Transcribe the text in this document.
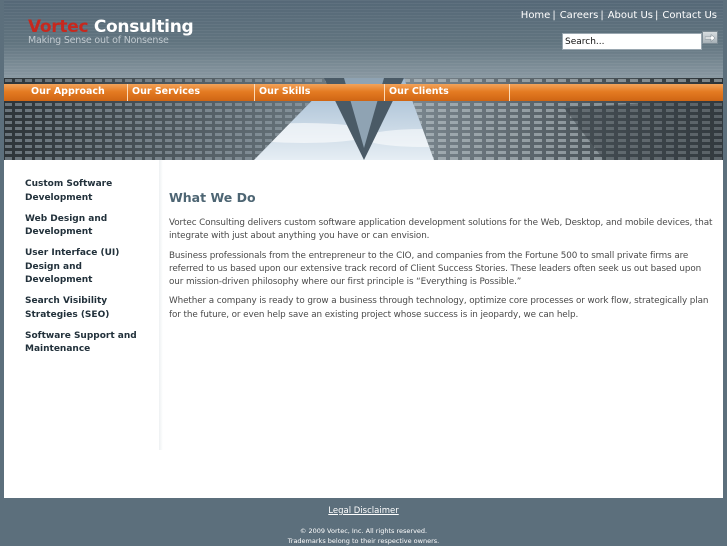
Vortec Consulting
Making Sense out of Nonsense
Home | Careers | About Us | Contact Us
Search...
Our Approach	Our Services	Our Skills	Our Clients
Custom Software Development
Web Design and Development
User Interface (UI) Design and Development
Search Visibility Strategies (SEO)
Software Support and Maintenance
What We Do

Vortec Consulting delivers custom software application development solutions for the Web, Desktop, and mobile devices, that integrate with just about anything you have or can envision.

Business professionals from the entrepreneur to the CIO, and companies from the Fortune 500 to small private firms are referred to us based upon our extensive track record of Client Success Stories. These leaders often seek us out based upon our mission-driven philosophy where our first principle is “Everything is Possible.”

Whether a company is ready to grow a business through technology, optimize core processes or work flow, strategically plan for the future, or even help save an existing project whose success is in jeopardy, we can help.

Legal Disclaimer
© 2009 Vortec, Inc. All rights reserved.
Trademarks belong to their respective owners.
